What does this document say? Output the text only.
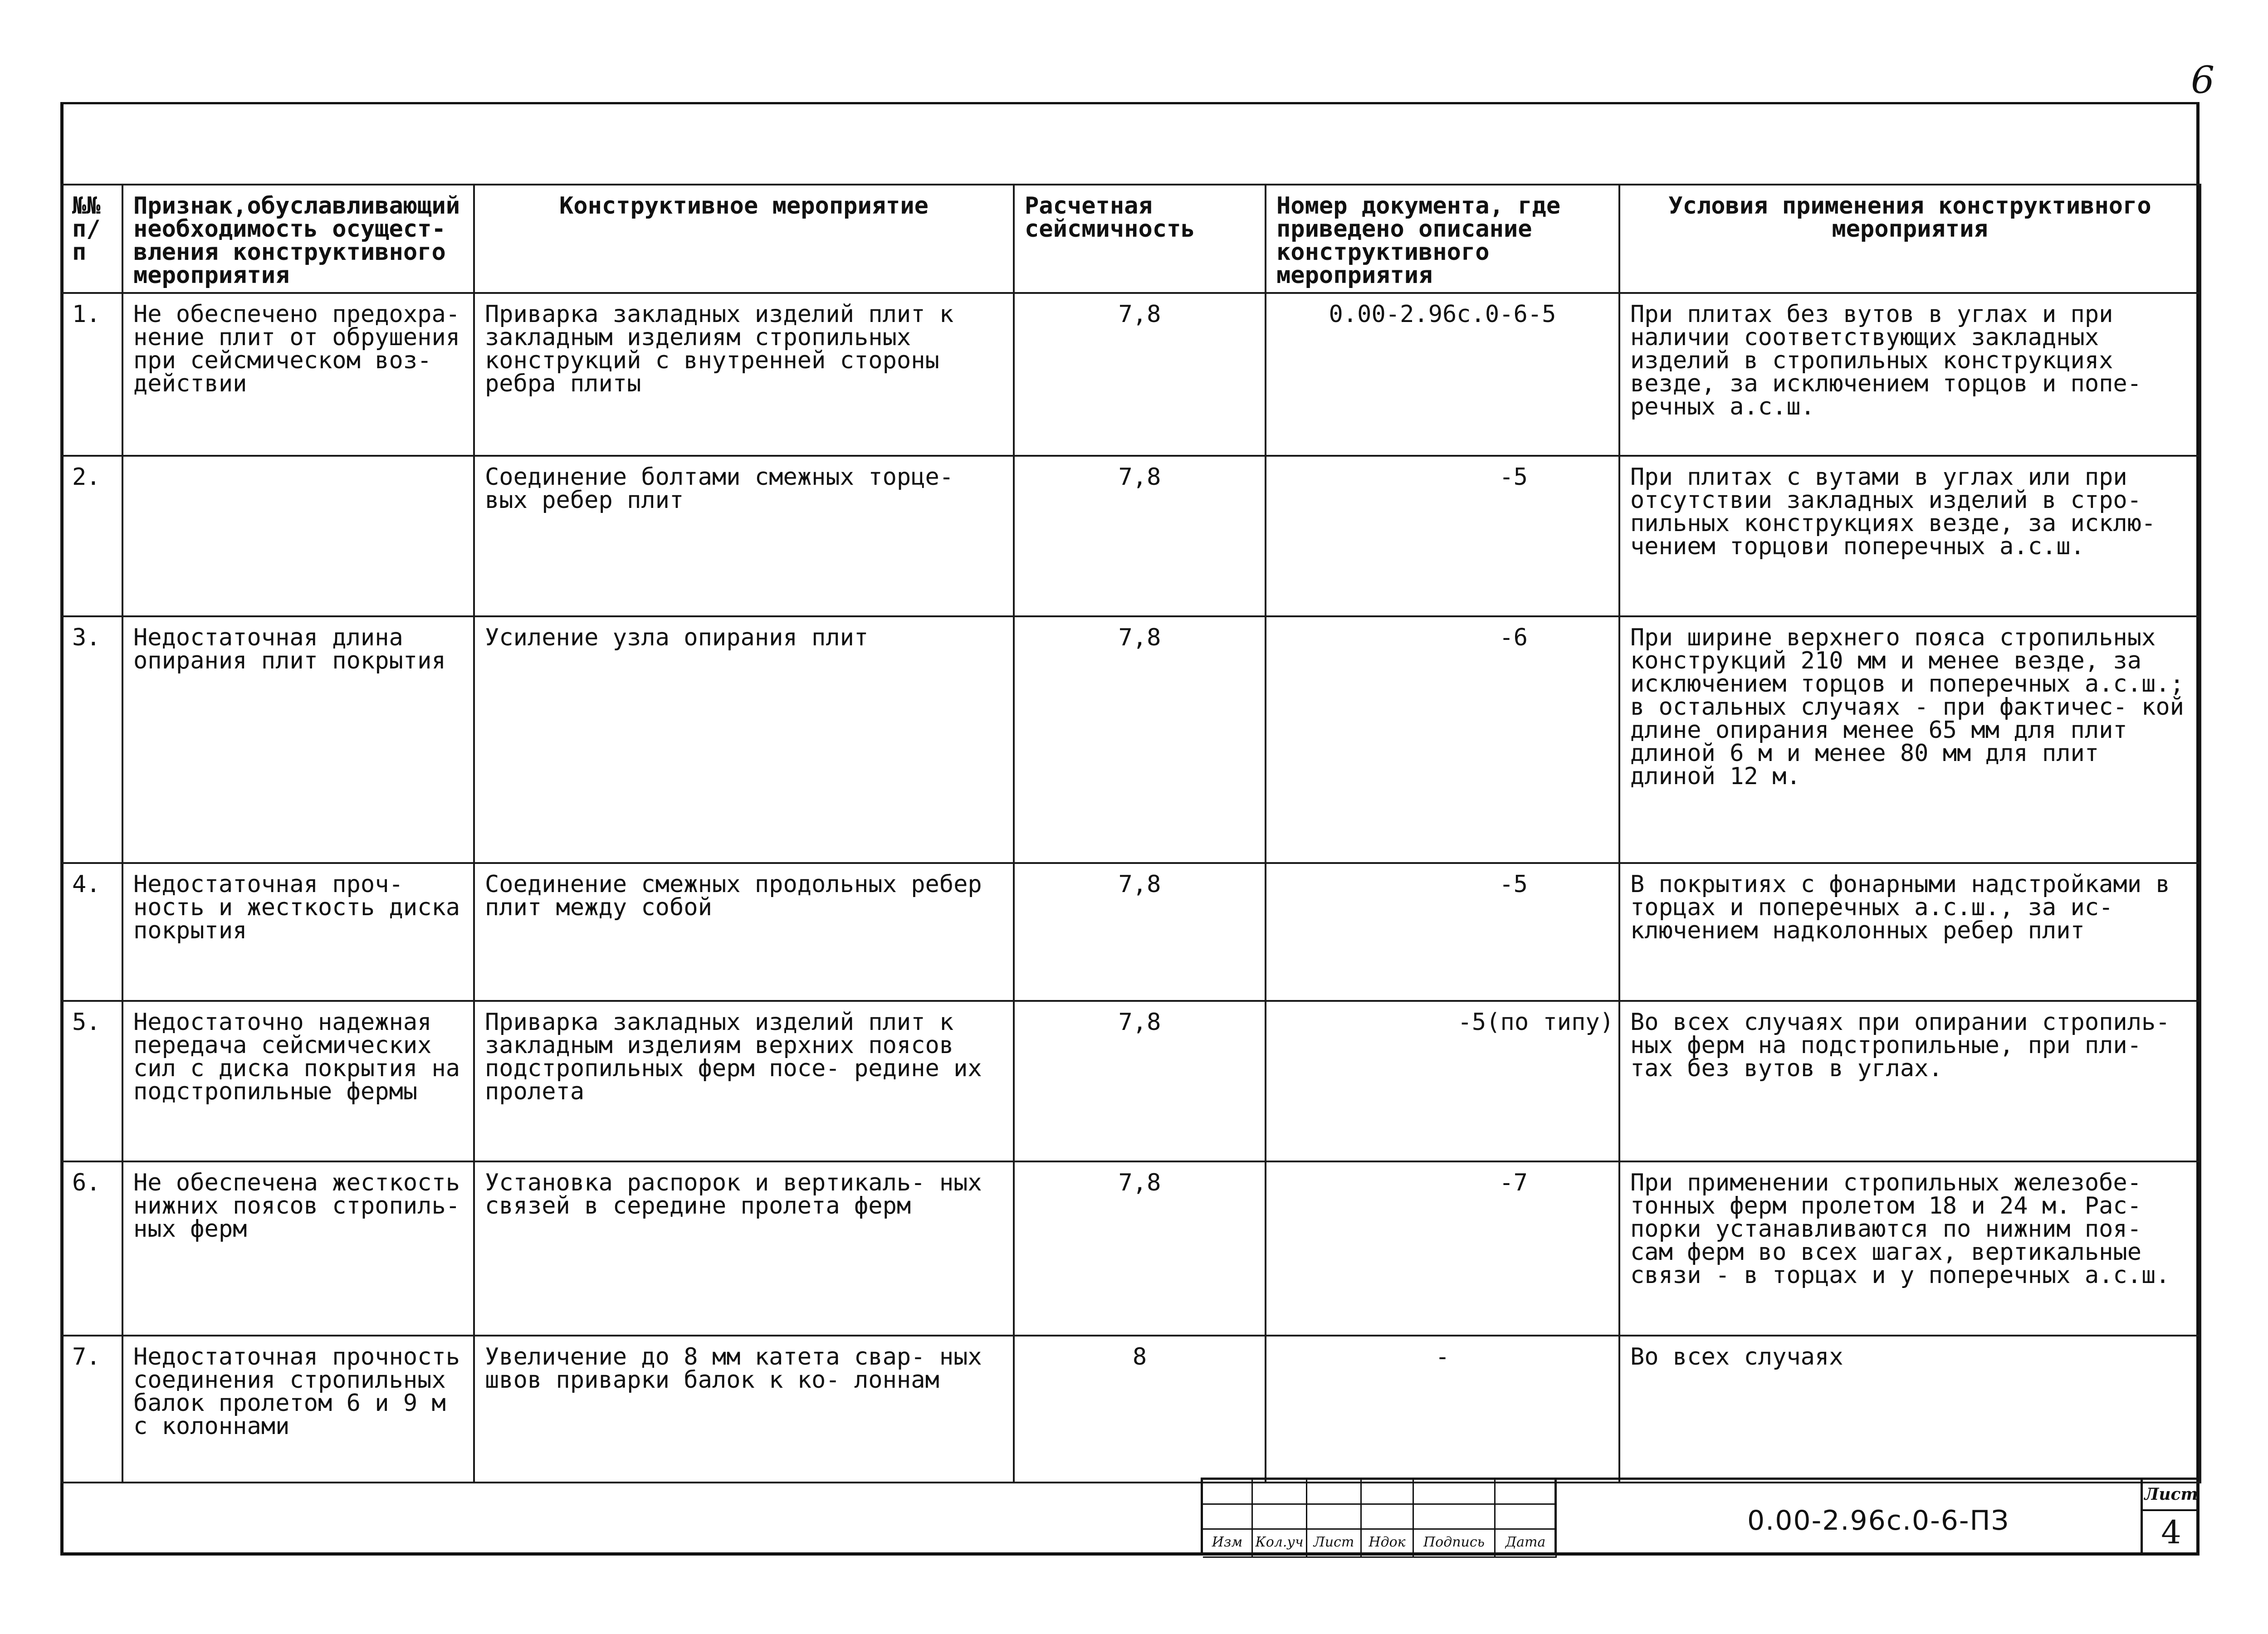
6
№№ п/п	Признак,обуславливающий необходимость осущест- вления конструктивного мероприятия	Конструктивное мероприятие	Расчетная сейсмичность	Номер документа, где приведено описание конструктивного мероприятия	Условия применения конструктивного мероприятия
1.	Не обеспечено предохра- нение плит от обрушения при сейсмическом воз- действии	Приварка закладных изделий плит к закладным изделиям стропильных конструкций с внутренней стороны ребра плиты	7,8	0.00-2.96с.0-6-5	При плитах без вутов в углах и при наличии соответствующих закладных изделий в стропильных конструкциях везде, за исключением торцов и попе- речных а.с.ш.
2.		Соединение болтами смежных торце- вых ребер плит	7,8	-5	При плитах с вутами в углах или при отсутствии закладных изделий в стро- пильных конструкциях везде, за исклю- чением торцови поперечных а.с.ш.
3.	Недостаточная длина опирания плит покрытия	Усиление узла опирания плит	7,8	-6	При ширине верхнего пояса стропильных конструкций 210 мм и менее везде, за исключением торцов и поперечных а.с.ш.; в остальных случаях - при фактичес- кой длине опирания менее 65 мм для плит длиной 6 м и менее 80 мм для плит длиной 12 м.
4.	Недостаточная проч- ность и жесткость диска покрытия	Соединение смежных продольных ребер плит между собой	7,8	-5	В покрытиях с фонарными надстройками в торцах и поперечных а.с.ш., за ис- ключением надколонных ребер плит
5.	Недостаточно надежная передача сейсмических сил с диска покрытия на подстропильные фермы	Приварка закладных изделий плит к закладным изделиям верхних поясов подстропильных ферм посе- редине их пролета	7,8	-5(по типу)	Во всех случаях при опирании стропиль- ных ферм на подстропильные, при пли- тах без вутов в углах.
6.	Не обеспечена жесткость нижних поясов стропиль- ных ферм	Установка распорок и вертикаль- ных связей в середине пролета ферм	7,8	-7	При применении стропильных железобе- тонных ферм пролетом 18 и 24 м. Рас- порки устанавливаются по нижним поя- сам ферм во всех шагах, вертикальные связи - в торцах и у поперечных а.с.ш.
7.	Недостаточная прочность соединения стропильных балок пролетом 6 и 9 м с колоннами	Увеличение до 8 мм катета свар- ных швов приварки балок к ко- лоннам	8	-	Во всех случаях
Изм Кол.уч Лист	Ндок	Подпись	Дата
0.00-2.96с.0-6-ПЗ
Лист
4
